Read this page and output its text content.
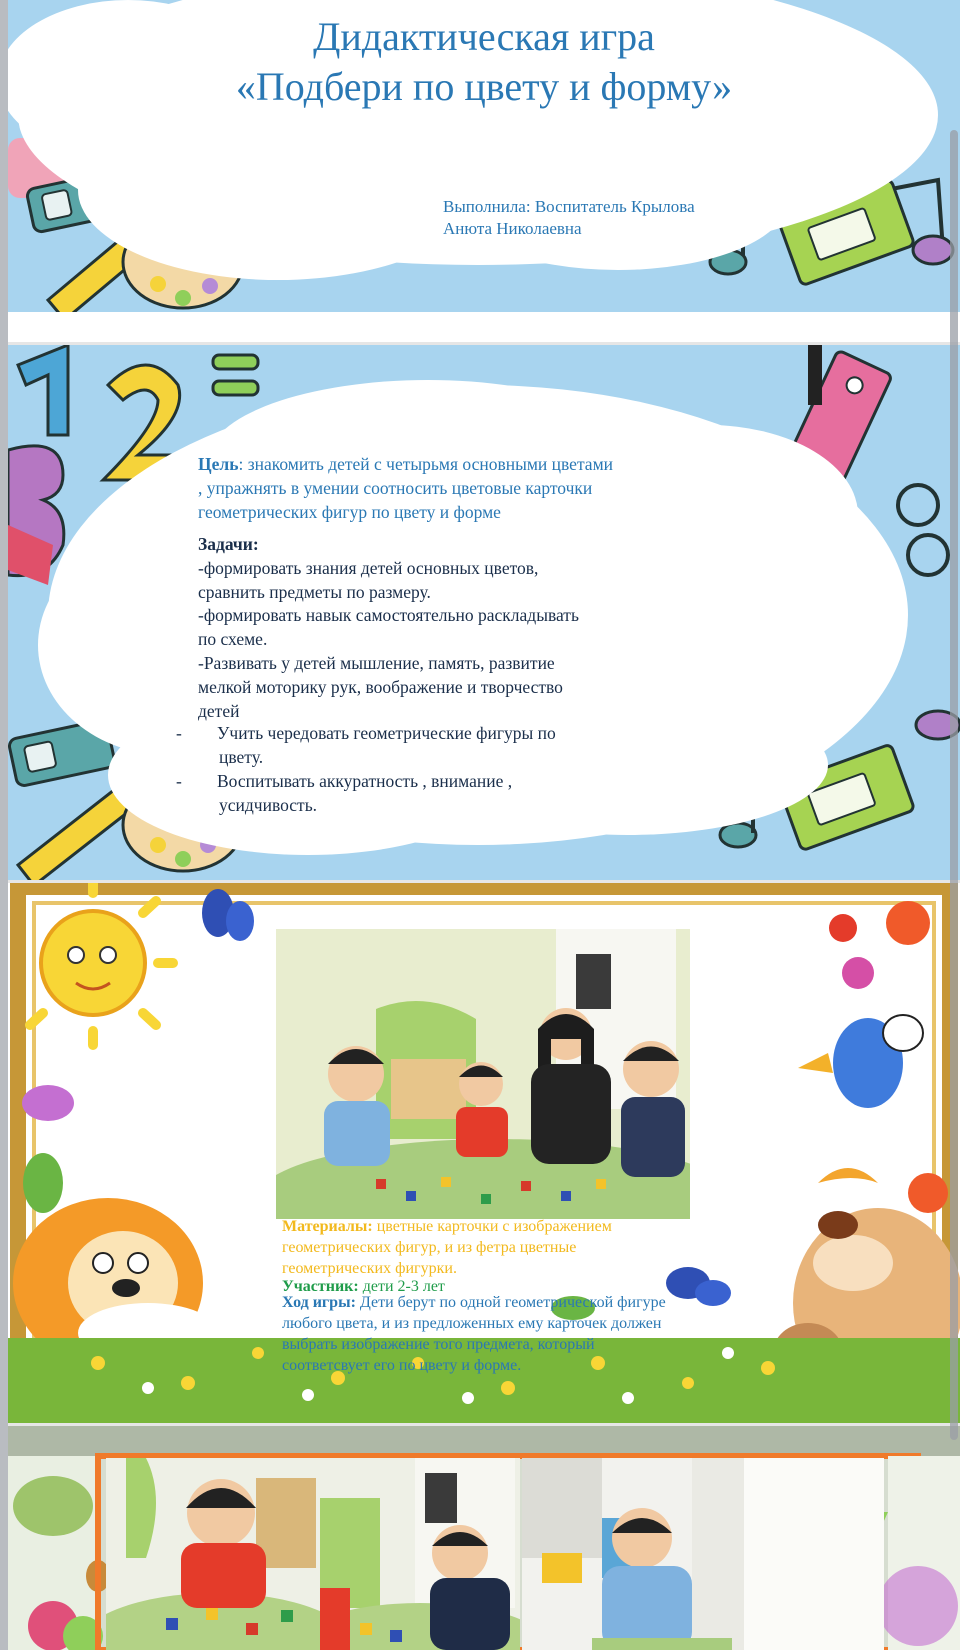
Дидактическая игра
«Подбери по цвету и форму»
Выполнила: Воспитатель Крылова
Анюта Николаевна
Цель: знакомить детей с четырьмя основными цветами
, упражнять в умении соотносить цветовые карточки
геометрических фигур по цвету и форме
Задачи:
-формировать знания детей основных цветов,
сравнить предметы по размеру.
-формировать навык самостоятельно раскладывать
по схеме.
-Развивать у детей мышление, память, развитие
мелкой моторику рук, воображение и творчество
детей
- Учить чередовать геометрические фигуры по
цвету.
- Воспитывать аккуратность , внимание ,
усидчивость.
Материалы: цветные карточки с изображением
геометрических фигур, и из фетра цветные
геометрических фигурки.
Участник: дети 2-3 лет
Ход игры: Дети берут по одной геометрической фигуре
любого цвета, и из предложенных ему карточек должен
выбрать изображение того предмета, который
соответсвует его по цвету и форме.
